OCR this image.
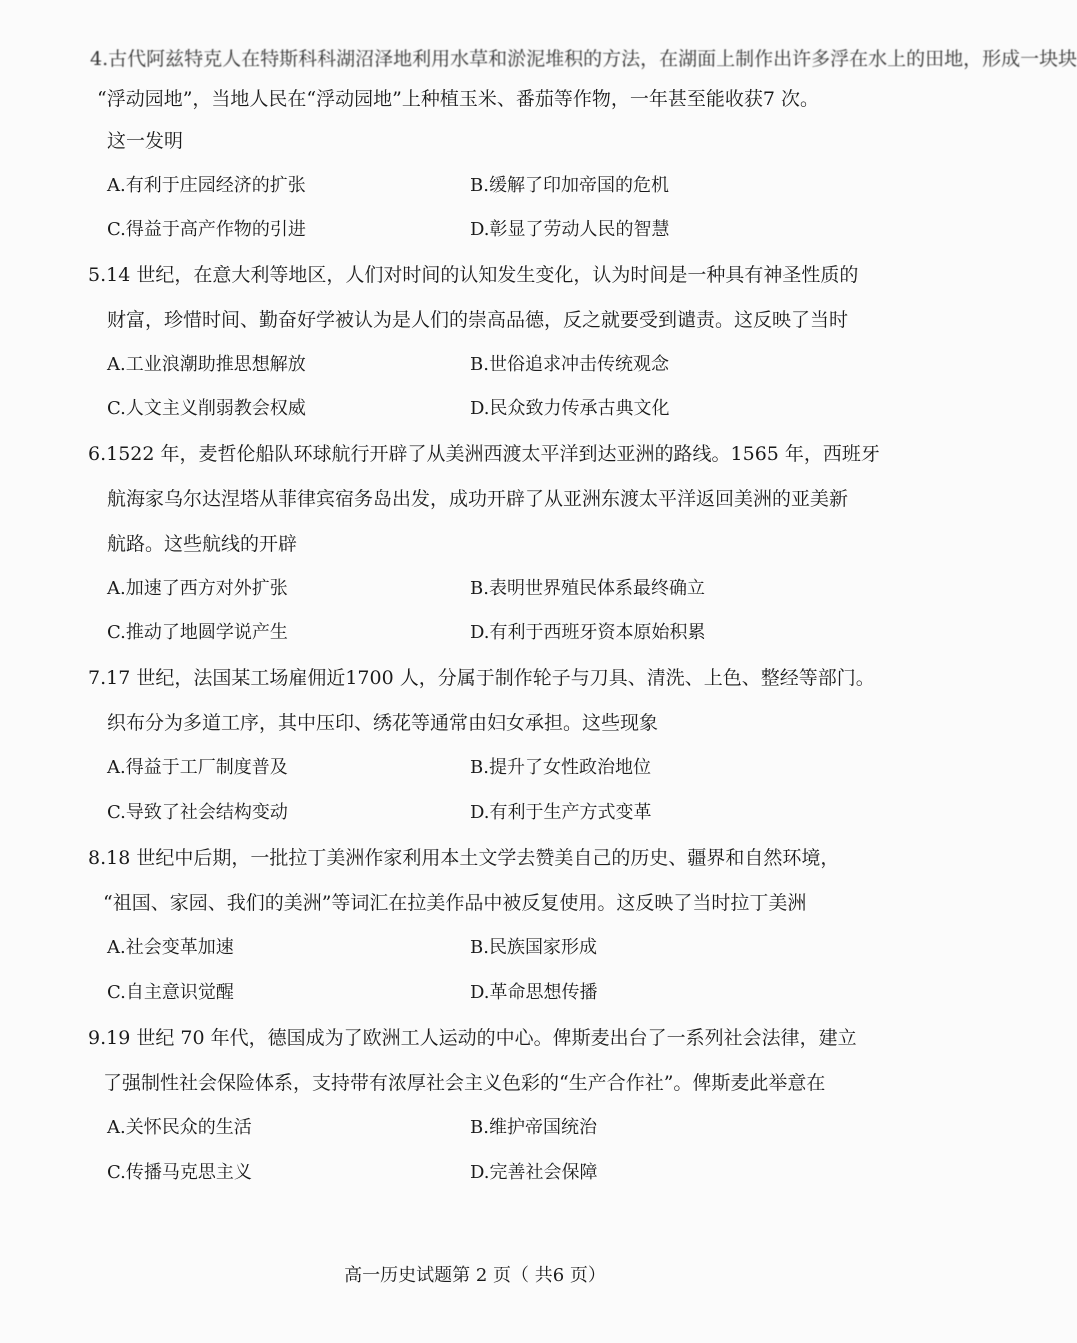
4.古代阿兹特克人在特斯科科湖沼泽地利用水草和淤泥堆积的方法，在湖面上制作出许多浮在水上的田地，形成一块块
“浮动园地”，当地人民在“浮动园地”上种植玉米、番茄等作物，一年甚至能收获7 次。
这一发明
A.有利于庄园经济的扩张	B.缓解了印加帝国的危机
C.得益于高产作物的引进	D.彰显了劳动人民的智慧
5.14 世纪，在意大利等地区，人们对时间的认知发生变化，认为时间是一种具有神圣性质的
财富，珍惜时间、勤奋好学被认为是人们的崇高品德，反之就要受到谴责。这反映了当时
A.工业浪潮助推思想解放	B.世俗追求冲击传统观念
C.人文主义削弱教会权威	D.民众致力传承古典文化
6.1522 年，麦哲伦船队环球航行开辟了从美洲西渡太平洋到达亚洲的路线。1565 年，西班牙
航海家乌尔达涅塔从菲律宾宿务岛出发，成功开辟了从亚洲东渡太平洋返回美洲的亚美新
航路。这些航线的开辟
A.加速了西方对外扩张	B.表明世界殖民体系最终确立
C.推动了地圆学说产生	D.有利于西班牙资本原始积累
7.17 世纪，法国某工场雇佣近1700 人，分属于制作轮子与刀具、清洗、上色、整经等部门。
织布分为多道工序，其中压印、绣花等通常由妇女承担。这些现象
A.得益于工厂制度普及	B.提升了女性政治地位
C.导致了社会结构变动	D.有利于生产方式变革
8.18 世纪中后期，一批拉丁美洲作家利用本土文学去赞美自己的历史、疆界和自然环境，
“祖国、家园、我们的美洲”等词汇在拉美作品中被反复使用。这反映了当时拉丁美洲
A.社会变革加速	B.民族国家形成
C.自主意识觉醒	D.革命思想传播
9.19 世纪 70 年代，德国成为了欧洲工人运动的中心。俾斯麦出台了一系列社会法律，建立
了强制性社会保险体系，支持带有浓厚社会主义色彩的“生产合作社”。俾斯麦此举意在
A.关怀民众的生活	B.维护帝国统治
C.传播马克思主义	D.完善社会保障
高一历史试题第 2 页（ 共6 页）
